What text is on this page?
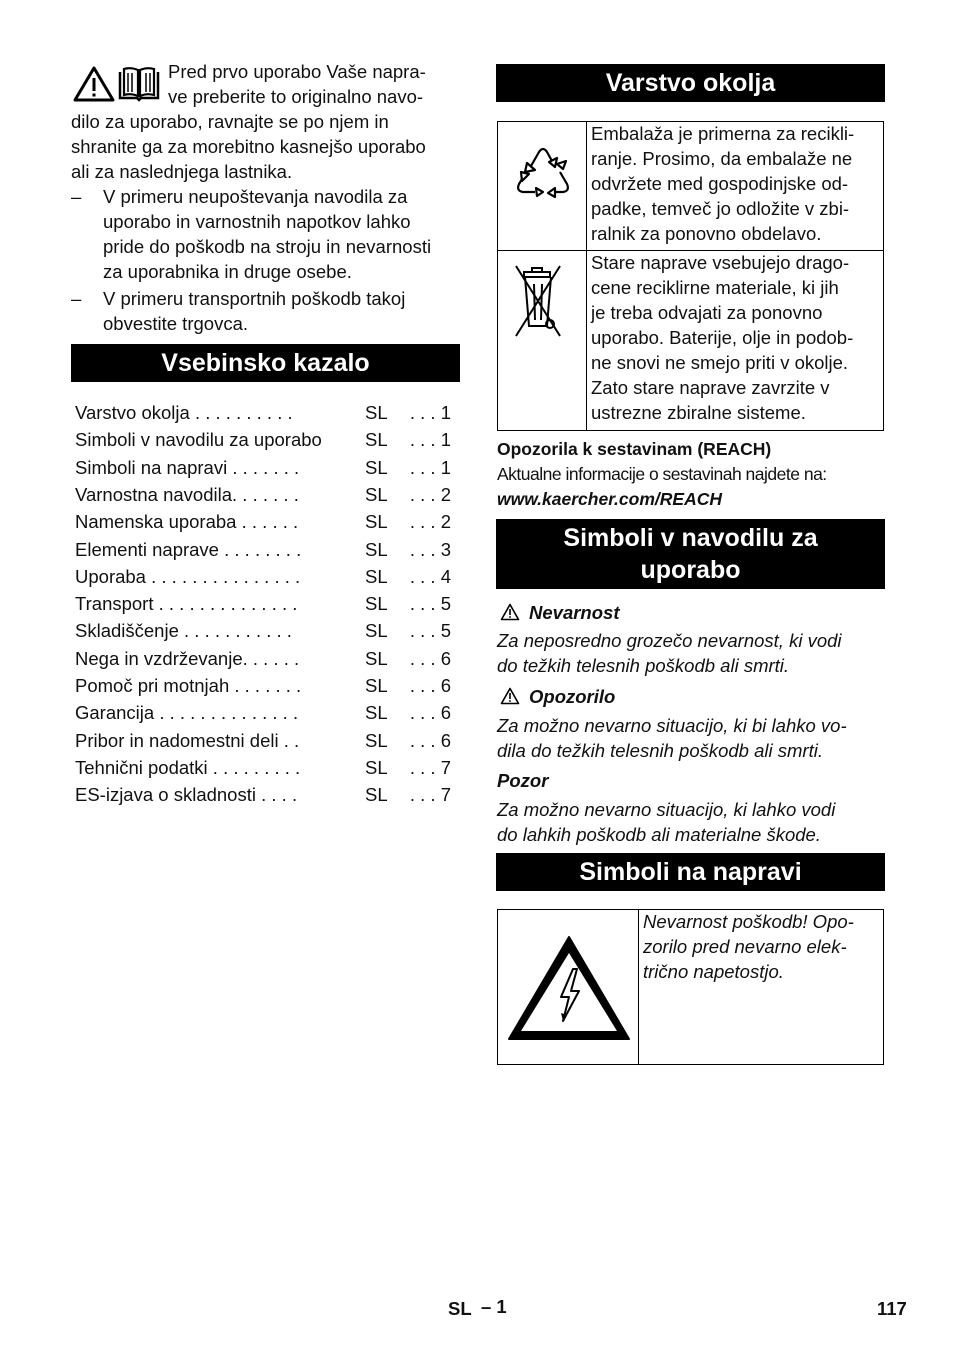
Pred prvo uporabo Vaše napra-
ve preberite to originalno navo-
dilo za uporabo, ravnajte se po njem in
shranite ga za morebitno kasnejšo uporabo
ali za naslednjega lastnika.
– V primeru neupoštevanja navodila za
uporabo in varnostnih napotkov lahko
pride do poškodb na stroju in nevarnosti
za uporabnika in druge osebe.
– V primeru transportnih poškodb takoj
obvestite trgovca.
Vsebinsko kazalo
Varstvo okolja . . . . . . . . . .	SL . . . 1
Simboli v navodilu za uporabo SL . . . 1
Simboli na napravi . . . . . . .	SL . . . 1
Varnostna navodila. . . . . . .	SL . . . 2
Namenska uporaba . . . . . .	SL . . . 2
Elementi naprave . . . . . . . .	SL . . . 3
Uporaba . . . . . . . . . . . . . . .	SL . . . 4
Transport . . . . . . . . . . . . . .	SL . . . 5
Skladiščenje . . . . . . . . . . .	SL . . . 5
Nega in vzdrževanje. . . . . .	SL . . . 6
Pomoč pri motnjah . . . . . . .	SL . . . 6
Garancija . . . . . . . . . . . . . .	SL . . . 6
Pribor in nadomestni deli . .	SL . . . 6
Tehnični podatki . . . . . . . . .	SL . . . 7
ES-izjava o skladnosti . . . .	SL . . . 7
Varstvo okolja
Embalaža je primerna za recikli-
ranje. Prosimo, da embalaže ne
odvržete med gospodinjske od-
padke, temveč jo odložite v zbi-
ralnik za ponovno obdelavo.
Stare naprave vsebujejo drago-
cene reciklirne materiale, ki jih
je treba odvajati za ponovno
uporabo. Baterije, olje in podob-
ne snovi ne smejo priti v okolje.
Zato stare naprave zavrzite v
ustrezne zbiralne sisteme.
Opozorila k sestavinam (REACH)
Aktualne informacije o sestavinah najdete na:
www.kaercher.com/REACH
Simboli v navodilu za
uporabo
Nevarnost
Za neposredno grozečo nevarnost, ki vodi
do težkih telesnih poškodb ali smrti.
Opozorilo
Za možno nevarno situacijo, ki bi lahko vo-
dila do težkih telesnih poškodb ali smrti.
Pozor
Za možno nevarno situacijo, ki lahko vodi
do lahkih poškodb ali materialne škode.
Simboli na napravi
Nevarnost poškodb! Opo-
zorilo pred nevarno elek-
trično napetostjo.
SL – 1	117
